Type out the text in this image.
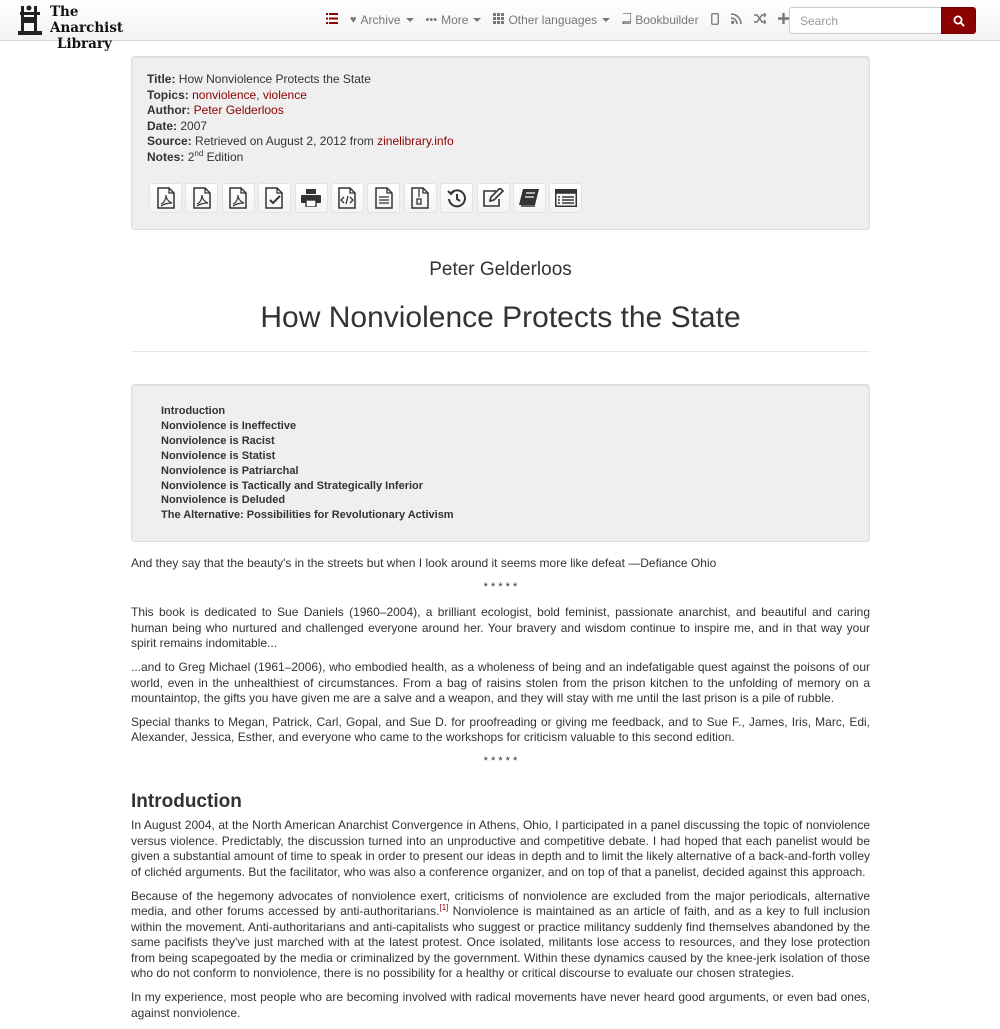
The Anarchist
Library
♥ Archive ••• More	Other languages	Bookbuilder
Search
Title: How Nonviolence Protects the State
Topics: nonviolence, violence
Author: Peter Gelderloos
Date: 2007
Source: Retrieved on August 2, 2012 from zinelibrary.info
Notes: 2nd Edition
Peter Gelderloos
How Nonviolence Protects the State
Introduction
Nonviolence is Ineffective
Nonviolence is Racist
Nonviolence is Statist
Nonviolence is Patriarchal
Nonviolence is Tactically and Strategically Inferior
Nonviolence is Deluded
The Alternative: Possibilities for Revolutionary Activism

And they say that the beauty's in the streets but when I look around it seems more like defeat —Defiance Ohio

* * * * *

This book is dedicated to Sue Daniels (1960–2004), a brilliant ecologist, bold feminist, passionate anarchist, and beautiful and caring human being who nurtured and challenged everyone around her. Your bravery and wisdom continue to inspire me, and in that way your spirit remains indomitable...

...and to Greg Michael (1961–2006), who embodied health, as a wholeness of being and an indefatigable quest against the poisons of our world, even in the unhealthiest of circumstances. From a bag of raisins stolen from the prison kitchen to the unfolding of memory on a mountaintop, the gifts you have given me are a salve and a weapon, and they will stay with me until the last prison is a pile of rubble.

Special thanks to Megan, Patrick, Carl, Gopal, and Sue D. for proofreading or giving me feedback, and to Sue F., James, Iris, Marc, Edi, Alexander, Jessica, Esther, and everyone who came to the workshops for criticism valuable to this second edition.

* * * * *
Introduction

In August 2004, at the North American Anarchist Convergence in Athens, Ohio, I participated in a panel discussing the topic of nonviolence versus violence. Predictably, the discussion turned into an unproductive and competitive debate. I had hoped that each panelist would be given a substantial amount of time to speak in order to present our ideas in depth and to limit the likely alternative of a back-and-forth volley of clichéd arguments. But the facilitator, who was also a conference organizer, and on top of that a panelist, decided against this approach.

Because of the hegemony advocates of nonviolence exert, criticisms of nonviolence are excluded from the major periodicals, alternative media, and other forums accessed by anti-authoritarians.[1] Nonviolence is maintained as an article of faith, and as a key to full inclusion within the movement. Anti-authoritarians and anti-capitalists who suggest or practice militancy suddenly find themselves abandoned by the same pacifists they've just marched with at the latest protest. Once isolated, militants lose access to resources, and they lose protection from being scapegoated by the media or criminalized by the government. Within these dynamics caused by the knee-jerk isolation of those who do not conform to nonviolence, there is no possibility for a healthy or critical discourse to evaluate our chosen strategies.

In my experience, most people who are becoming involved with radical movements have never heard good arguments, or even bad ones, against nonviolence.
